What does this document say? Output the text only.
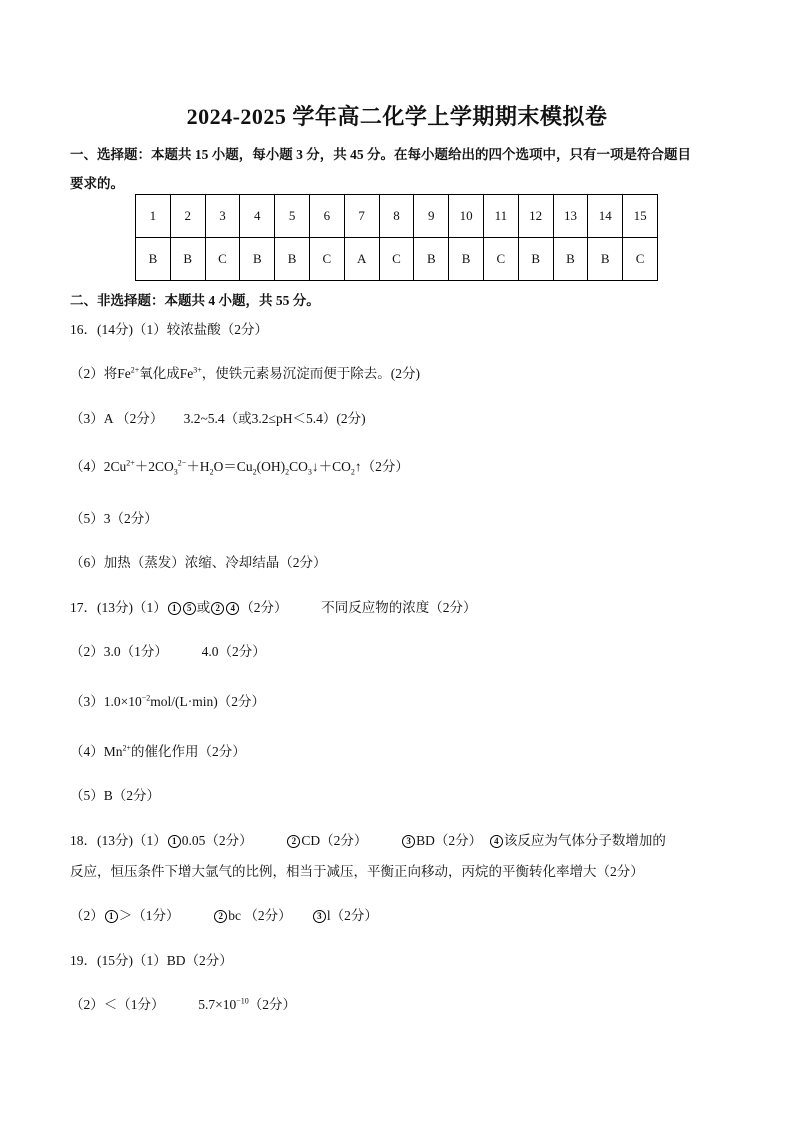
2024-2025 学年高二化学上学期期末模拟卷
一、选择题：本题共 15 小题，每小题 3 分，共 45 分。在每小题给出的四个选项中，只有一项是符合题目
要求的。
1	2	3	4	5	6	7	8	9	10	11	12	13	14	15
B	B	C	B	B	C	A	C	B	B	C	B	B	B	C
二、非选择题：本题共 4 小题，共 55 分。
16．(14分)（1）较浓盐酸（2分）
（2）将$Fe^{2+}$氧化成$Fe^{3+}$，使铁元素易沉淀而便于除去。(2分)
（3）A （2分）　　3.2~5.4（或3.2≤pH＜5.4）(2分)
$(4)2Cu^{2+}+2CO_3^{2-}+H_2O=Cu_2(OH)_2CO_3↓+CO_2↑(2$分）
（5）3（2分）
（6）加热（蒸发）浓缩、冷却结晶（2分）
17．(13分)（1） 1 5 或 2 4 （2分）　　　不同反应物的浓度（2分）
（2）3.0（1分）　　　4.0（2分）
$(3)1.0\times 10^{-2}mol/(L\cdot\min)(2$分）
$(4)Mn^{2+}$的催化作用（2分）
（5）B（2分）
18．(13分)（1） 1 0.05（2分）　　　2 CD（2分）　　　3 BD（2分）　4 该反应为气体分子数增加的
反应，恒压条件下增大氩气的比例，相当于减压，平衡正向移动，丙烷的平衡转化率增大（2分）
（2） 1 ＞（1分）　　　2 bc （2分）　　3 l（2分）
19．(15分)（1）BD（2分）
（2）＜（1分）　　　$5.7\times 10^{-10}(2$分）
